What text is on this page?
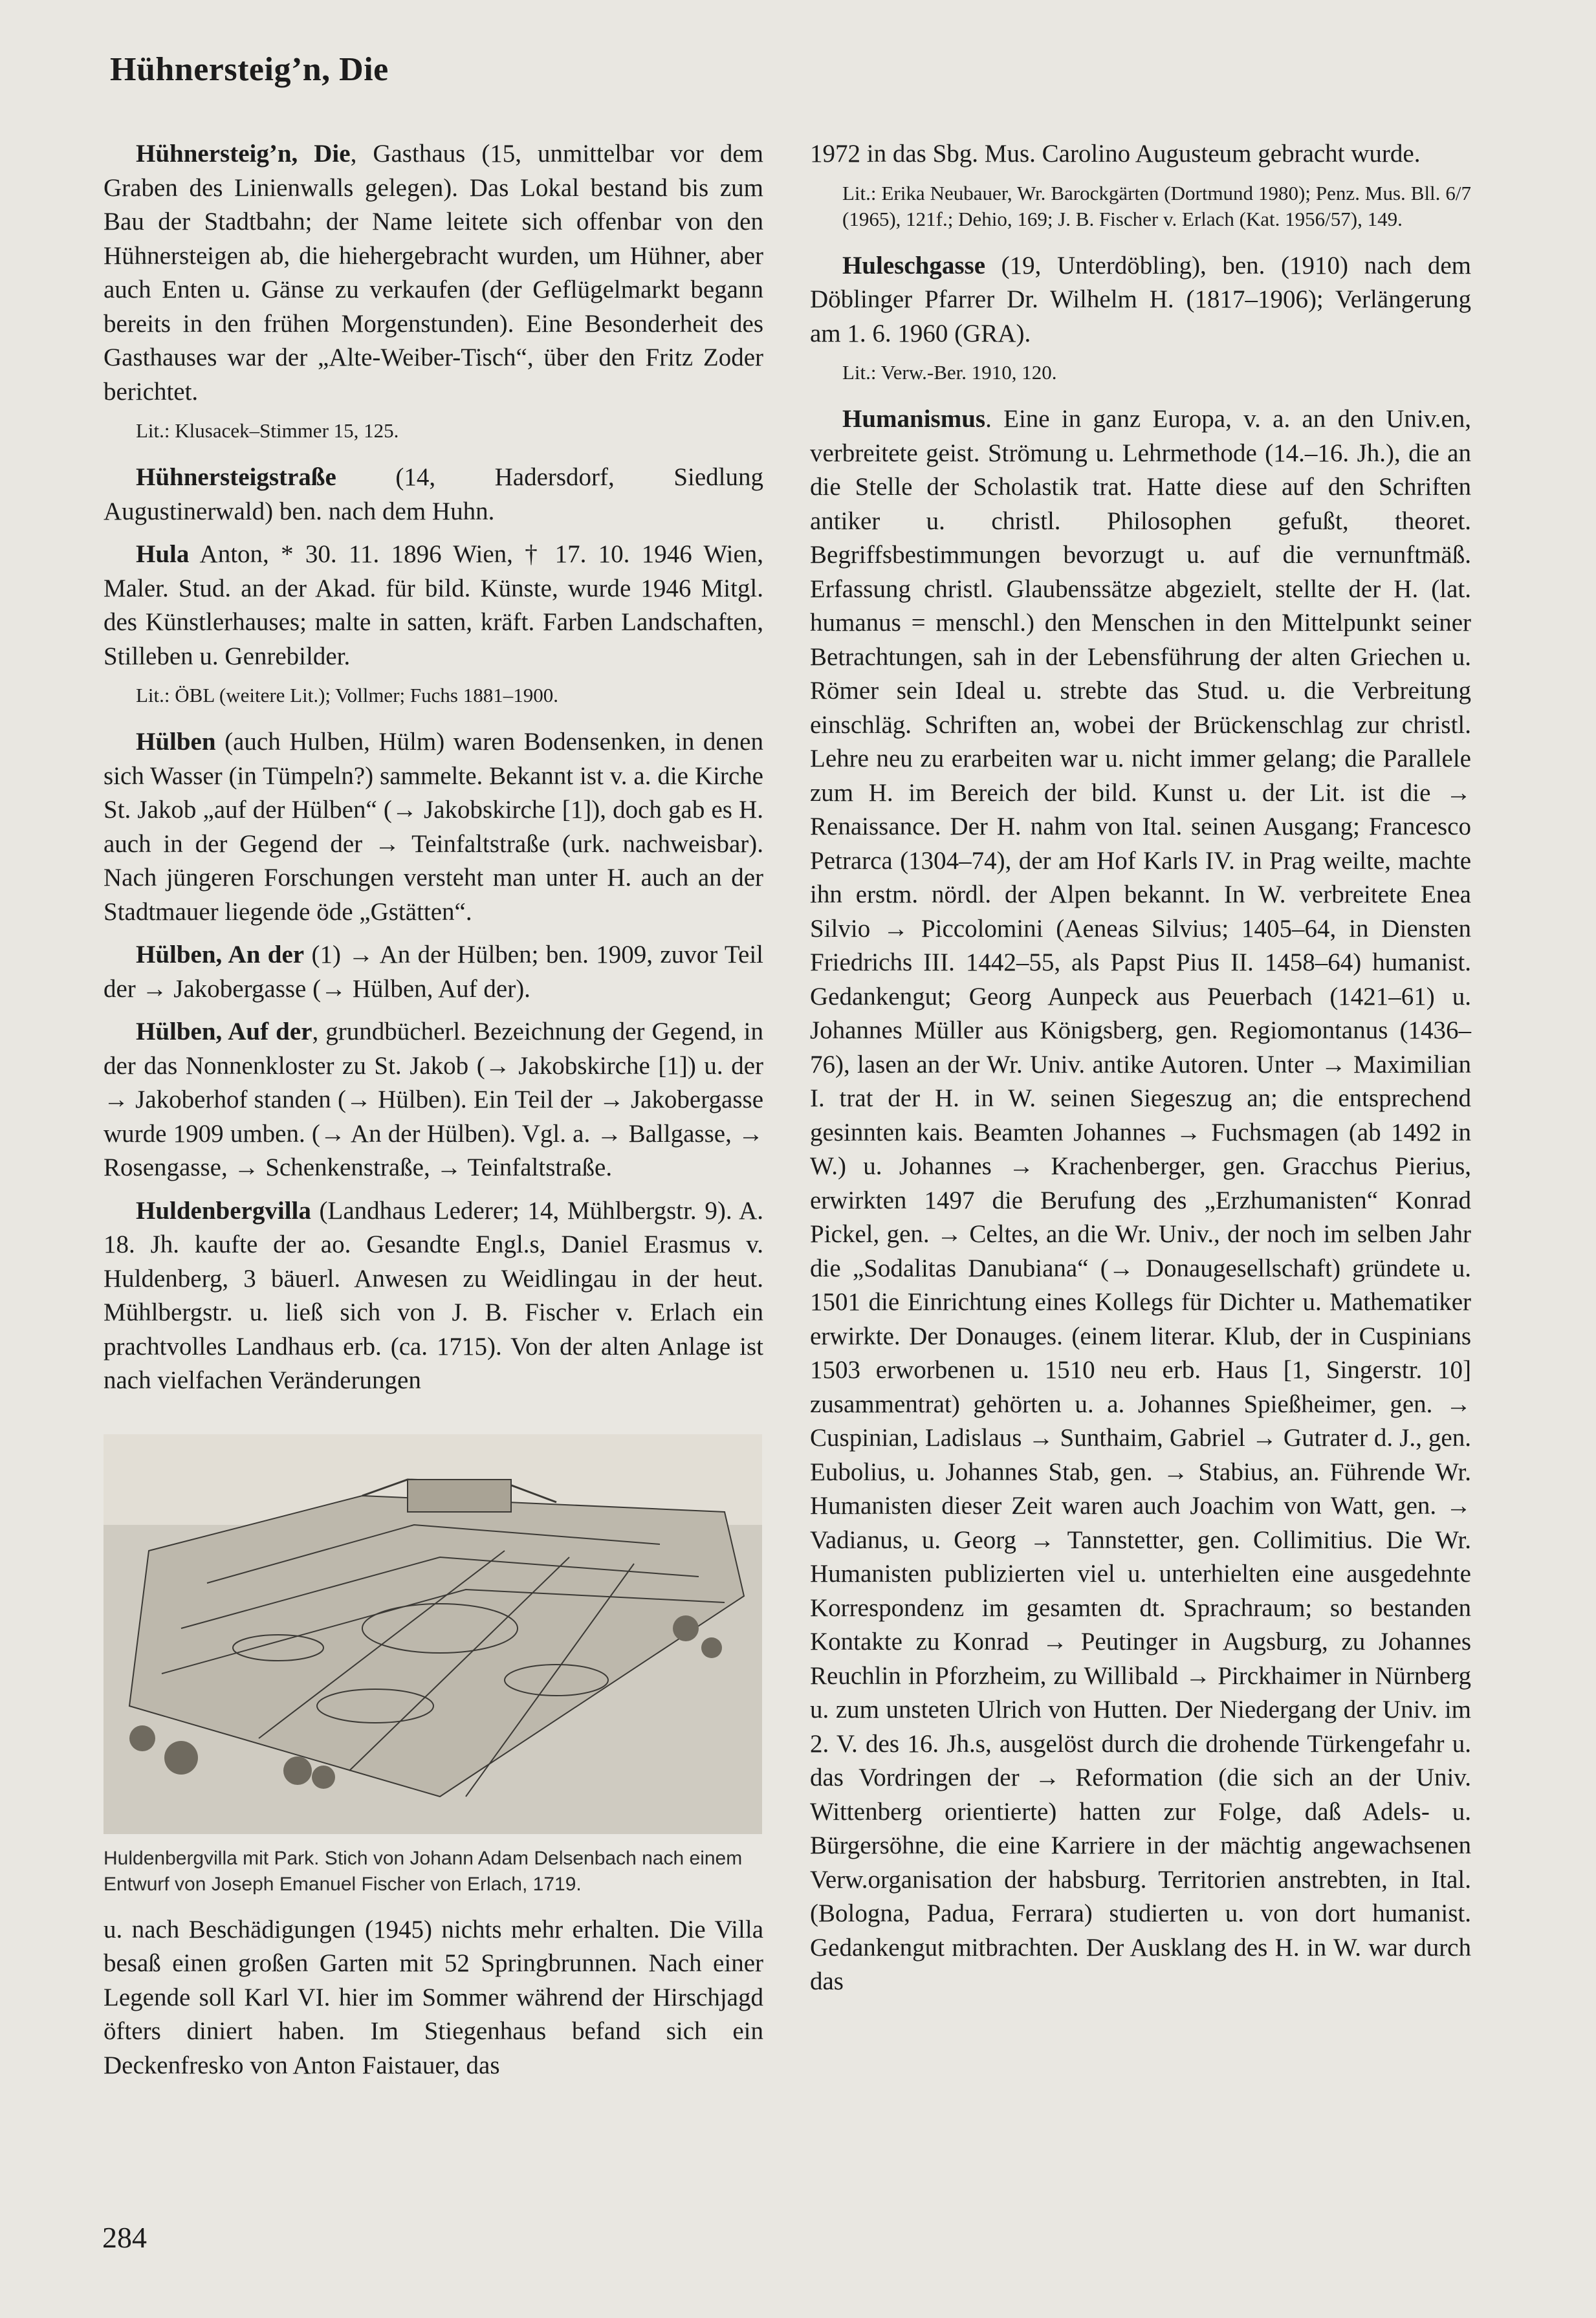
Hühnersteig’n, Die

Hühnersteig’n, Die, Gasthaus (15, unmittelbar vor dem Graben des Linienwalls gelegen). Das Lokal bestand bis zum Bau der Stadtbahn; der Name leitete sich offenbar von den Hühnersteigen ab, die hiehergebracht wurden, um Hühner, aber auch Enten u. Gänse zu verkaufen (der Geflügelmarkt begann bereits in den frühen Morgenstunden). Eine Besonderheit des Gasthauses war der „Alte-Weiber-Tisch“, über den Fritz Zoder berichtet.

Lit.: Klusacek–Stimmer 15, 125.

Hühnersteigstraße (14, Hadersdorf, Siedlung Augustinerwald) ben. nach dem Huhn.

Hula Anton, * 30. 11. 1896 Wien, † 17. 10. 1946 Wien, Maler. Stud. an der Akad. für bild. Künste, wurde 1946 Mitgl. des Künstlerhauses; malte in satten, kräft. Farben Landschaften, Stilleben u. Genrebilder.

Lit.: ÖBL (weitere Lit.); Vollmer; Fuchs 1881–1900.

Hülben (auch Hulben, Hülm) waren Bodensenken, in denen sich Wasser (in Tümpeln?) sammelte. Bekannt ist v. a. die Kirche St. Jakob „auf der Hülben“ (→ Jakobskirche [1]), doch gab es H. auch in der Gegend der → Teinfaltstraße (urk. nachweisbar). Nach jüngeren Forschungen versteht man unter H. auch an der Stadtmauer liegende öde „Gstätten“.

Hülben, An der (1) → An der Hülben; ben. 1909, zuvor Teil der → Jakobergasse (→ Hülben, Auf der).

Hülben, Auf der, grundbücherl. Bezeichnung der Gegend, in der das Nonnenkloster zu St. Jakob (→ Jakobskirche [1]) u. der → Jakoberhof standen (→ Hülben). Ein Teil der → Jakobergasse wurde 1909 umben. (→ An der Hülben). Vgl. a. → Ballgasse, → Rosengasse, → Schenkenstraße, → Teinfaltstraße.

Huldenbergvilla (Landhaus Lederer; 14, Mühlbergstr. 9). A. 18. Jh. kaufte der ao. Gesandte Engl.s, Daniel Erasmus v. Huldenberg, 3 bäuerl. Anwesen zu Weidlingau in der heut. Mühlbergstr. u. ließ sich von J. B. Fischer v. Erlach ein prachtvolles Landhaus erb. (ca. 1715). Von der alten Anlage ist nach vielfachen Veränderungen

Huldenbergvilla mit Park. Stich von Johann Adam Delsenbach nach einem Entwurf von Joseph Emanuel Fischer von Erlach, 1719.

u. nach Beschädigungen (1945) nichts mehr erhalten. Die Villa besaß einen großen Garten mit 52 Springbrunnen. Nach einer Legende soll Karl VI. hier im Sommer während der Hirschjagd öfters diniert haben. Im Stiegenhaus befand sich ein Deckenfresko von Anton Faistauer, das

1972 in das Sbg. Mus. Carolino Augusteum gebracht wurde.

Lit.: Erika Neubauer, Wr. Barockgärten (Dortmund 1980); Penz. Mus. Bll. 6/7 (1965), 121f.; Dehio, 169; J. B. Fischer v. Erlach (Kat. 1956/57), 149.

Huleschgasse (19, Unterdöbling), ben. (1910) nach dem Döblinger Pfarrer Dr. Wilhelm H. (1817–1906); Verlängerung am 1. 6. 1960 (GRA).

Lit.: Verw.-Ber. 1910, 120.

Humanismus. Eine in ganz Europa, v. a. an den Univ.en, verbreitete geist. Strömung u. Lehrmethode (14.–16. Jh.), die an die Stelle der Scholastik trat. Hatte diese auf den Schriften antiker u. christl. Philosophen gefußt, theoret. Begriffsbestimmungen bevorzugt u. auf die vernunftmäß. Erfassung christl. Glaubenssätze abgezielt, stellte der H. (lat. humanus = menschl.) den Menschen in den Mittelpunkt seiner Betrachtungen, sah in der Lebensführung der alten Griechen u. Römer sein Ideal u. strebte das Stud. u. die Verbreitung einschläg. Schriften an, wobei der Brückenschlag zur christl. Lehre neu zu erarbeiten war u. nicht immer gelang; die Parallele zum H. im Bereich der bild. Kunst u. der Lit. ist die → Renaissance. Der H. nahm von Ital. seinen Ausgang; Francesco Petrarca (1304–74), der am Hof Karls IV. in Prag weilte, machte ihn erstm. nördl. der Alpen bekannt. In W. verbreitete Enea Silvio → Piccolomini (Aeneas Silvius; 1405–64, in Diensten Friedrichs III. 1442–55, als Papst Pius II. 1458–64) humanist. Gedankengut; Georg Aunpeck aus Peuerbach (1421–61) u. Johannes Müller aus Königsberg, gen. Regiomontanus (1436–76), lasen an der Wr. Univ. antike Autoren. Unter → Maximilian I. trat der H. in W. seinen Siegeszug an; die entsprechend gesinnten kais. Beamten Johannes → Fuchsmagen (ab 1492 in W.) u. Johannes → Krachenberger, gen. Gracchus Pierius, erwirkten 1497 die Berufung des „Erzhumanisten“ Konrad Pickel, gen. → Celtes, an die Wr. Univ., der noch im selben Jahr die „Sodalitas Danubiana“ (→ Donaugesellschaft) gründete u. 1501 die Einrichtung eines Kollegs für Dichter u. Mathematiker erwirkte. Der Donauges. (einem literar. Klub, der in Cuspinians 1503 erworbenen u. 1510 neu erb. Haus [1, Singerstr. 10] zusammentrat) gehörten u. a. Johannes Spießheimer, gen. → Cuspinian, Ladislaus → Sunthaim, Gabriel → Gutrater d. J., gen. Eubolius, u. Johannes Stab, gen. → Stabius, an. Führende Wr. Humanisten dieser Zeit waren auch Joachim von Watt, gen. → Vadianus, u. Georg → Tannstetter, gen. Collimitius. Die Wr. Humanisten publizierten viel u. unterhielten eine ausgedehnte Korrespondenz im gesamten dt. Sprachraum; so bestanden Kontakte zu Konrad → Peutinger in Augsburg, zu Johannes Reuchlin in Pforzheim, zu Willibald → Pirckhaimer in Nürnberg u. zum unsteten Ulrich von Hutten. Der Niedergang der Univ. im 2. V. des 16. Jh.s, ausgelöst durch die drohende Türkengefahr u. das Vordringen der → Reformation (die sich an der Univ. Wittenberg orientierte) hatten zur Folge, daß Adels- u. Bürgersöhne, die eine Karriere in der mächtig angewachsenen Verw.organisation der habsburg. Territorien anstrebten, in Ital. (Bologna, Padua, Ferrara) studierten u. von dort humanist. Gedankengut mitbrachten. Der Ausklang des H. in W. war durch das

284
